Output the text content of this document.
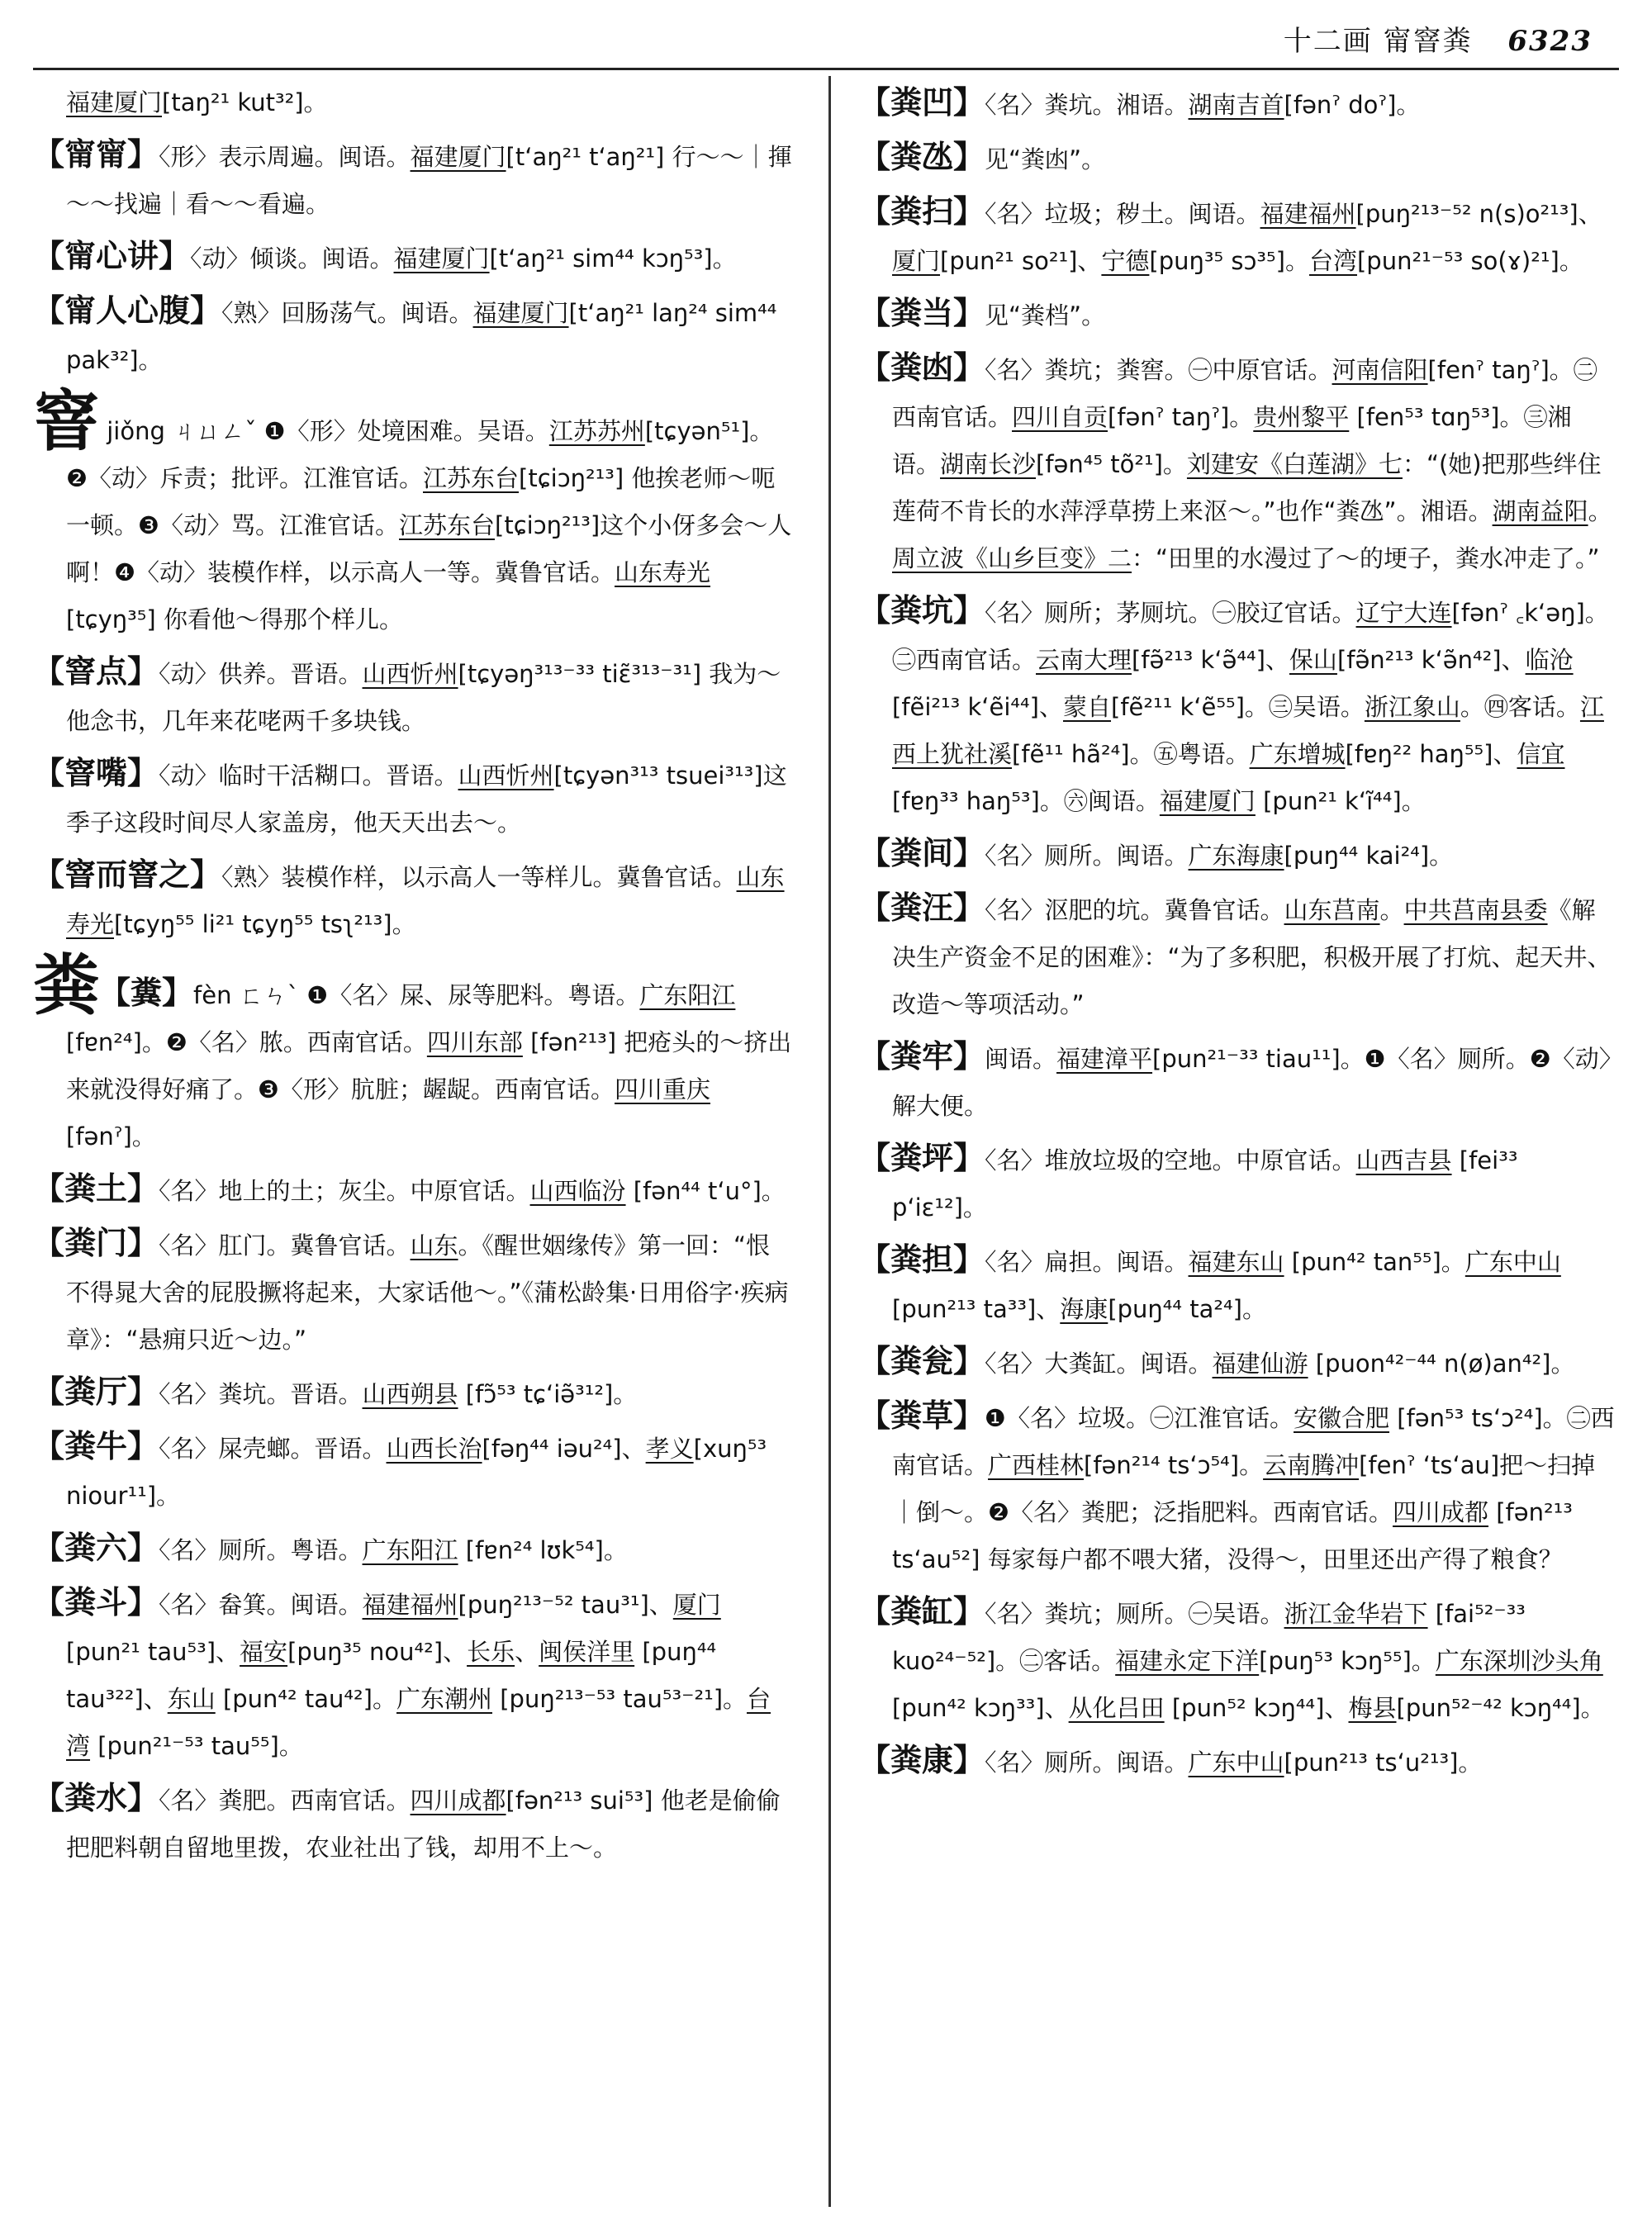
十二画 甯窨粪 6323

福建厦门[taŋ²¹ kut³²]。

【甯甯】〈形〉表示周遍。闽语。福建厦门[tʻaŋ²¹ tʻaŋ²¹] 行～～｜揮～～找遍｜看～～看遍。

【甯心讲】〈动〉倾谈。闽语。福建厦门[tʻaŋ²¹ sim⁴⁴ kɔŋ⁵³]。

【甯人心腹】〈熟〉回肠荡气。闽语。福建厦门[tʻaŋ²¹ laŋ²⁴ sim⁴⁴ pak³²]。

窨 jiǒng ㄐㄩㄥˇ ❶〈形〉处境困难。吴语。江苏苏州[tɕyən⁵¹]。❷〈动〉斥责；批评。江淮官话。江苏东台[tɕiɔŋ²¹³] 他挨老师～呃一顿。❸〈动〉骂。江淮官话。江苏东台[tɕiɔŋ²¹³]这个小伢多会～人啊！❹〈动〉装模作样，以示高人一等。冀鲁官话。山东寿光[tɕyŋ³⁵] 你看他～得那个样儿。

【窨点】〈动〉供养。晋语。山西忻州[tɕyəŋ³¹³⁻³³ tiɛ̃³¹³⁻³¹] 我为～他念书，几年来花咾两千多块钱。

【窨嘴】〈动〉临时干活糊口。晋语。山西忻州[tɕyən³¹³ tsuei³¹³]这季子这段时间尽人家盖房，他天天出去～。

【窨而窨之】〈熟〉装模作样，以示高人一等样儿。冀鲁官话。山东寿光[tɕyŋ⁵⁵ li²¹ tɕyŋ⁵⁵ tsʅ²¹³]。

粪【糞】fèn ㄈㄣˋ ❶〈名〉屎、尿等肥料。粤语。广东阳江[fɐn²⁴]。❷〈名〉脓。西南官话。四川东部 [fən²¹³] 把疮头的～挤出来就没得好痛了。❸〈形〉肮脏；龌龊。西南官话。四川重庆 [fənˀ]。

【粪土】〈名〉地上的土；灰尘。中原官话。山西临汾 [fən⁴⁴ tʻu°]。

【粪门】〈名〉肛门。冀鲁官话。山东。《醒世姻缘传》第一回：“恨不得晁大舍的屁股撅将起来，大家话他～。”《蒲松龄集·日用俗字·疾病章》：“悬痈只近～边。”

【粪厅】〈名〉粪坑。晋语。山西朔县 [fɔ̃⁵³ tɕʻiə̃³¹²]。

【粪牛】〈名〉屎壳螂。晋语。山西长治[fəŋ⁴⁴ iəu²⁴]、孝义[xuŋ⁵³ niour¹¹]。

【粪六】〈名〉厕所。粤语。广东阳江 [fɐn²⁴ lʊk⁵⁴]。

【粪斗】〈名〉畚箕。闽语。福建福州[puŋ²¹³⁻⁵² tau³¹]、厦门[pun²¹ tau⁵³]、福安[puŋ³⁵ nou⁴²]、长乐、闽侯洋里 [puŋ⁴⁴ tau³²²]、东山 [pun⁴² tau⁴²]。广东潮州 [puŋ²¹³⁻⁵³ tau⁵³⁻²¹]。台湾 [pun²¹⁻⁵³ tau⁵⁵]。

【粪水】〈名〉粪肥。西南官话。四川成都[fən²¹³ sui⁵³] 他老是偷偷把肥料朝自留地里拨，农业社出了钱，却用不上～。

【粪凹】〈名〉粪坑。湘语。湖南吉首[fənˀ doˀ]。

【粪氹】见“粪凼”。

【粪扫】〈名〉垃圾；秽土。闽语。福建福州[puŋ²¹³⁻⁵² n(s)o²¹³]、厦门[pun²¹ so²¹]、宁德[puŋ³⁵ sɔ³⁵]。台湾[pun²¹⁻⁵³ so(ɤ)²¹]。

【粪当】见“粪档”。

【粪凼】〈名〉粪坑；粪窖。㊀中原官话。河南信阳[fenˀ taŋˀ]。㊁西南官话。四川自贡[fənˀ taŋˀ]。贵州黎平 [fen⁵³ tɑŋ⁵³]。㊂湘语。湖南长沙[fən⁴⁵ tõ²¹]。刘建安《白莲湖》七：“(她)把那些绊住莲荷不肯长的水萍浮草捞上来沤～。”也作“粪氹”。湘语。湖南益阳。周立波《山乡巨变》二：“田里的水漫过了～的埂子，粪水冲走了。”

【粪坑】〈名〉厕所；茅厕坑。㊀胶辽官话。辽宁大连[fənˀ ꜀kʻəŋ]。㊁西南官话。云南大理[fə̃²¹³ kʻə̃⁴⁴]、保山[fə̃n²¹³ kʻə̃n⁴²]、临沧[fẽi²¹³ kʻẽi⁴⁴]、蒙自[fẽ²¹¹ kʻẽ⁵⁵]。㊂吴语。浙江象山。㊃客话。江西上犹社溪[fẽ¹¹ hã²⁴]。㊄粤语。广东增城[fɐŋ²² haŋ⁵⁵]、信宜 [fɐŋ³³ haŋ⁵³]。㊅闽语。福建厦门 [pun²¹ kʻĩ⁴⁴]。

【粪间】〈名〉厕所。闽语。广东海康[puŋ⁴⁴ kai²⁴]。

【粪汪】〈名〉沤肥的坑。冀鲁官话。山东莒南。中共莒南县委《解决生产资金不足的困难》：“为了多积肥，积极开展了打炕、起天井、改造～等项活动。”

【粪牢】闽语。福建漳平[pun²¹⁻³³ tiau¹¹]。❶〈名〉厕所。❷〈动〉解大便。

【粪坪】〈名〉堆放垃圾的空地。中原官话。山西吉县 [fei³³ pʻiɛ¹²]。

【粪担】〈名〉扁担。闽语。福建东山 [pun⁴² tan⁵⁵]。广东中山[pun²¹³ ta³³]、海康[puŋ⁴⁴ ta²⁴]。

【粪瓮】〈名〉大粪缸。闽语。福建仙游 [puon⁴²⁻⁴⁴ n(ø)an⁴²]。

【粪草】❶〈名〉垃圾。㊀江淮官话。安徽合肥 [fən⁵³ tsʻɔ²⁴]。㊁西南官话。广西桂林[fən²¹⁴ tsʻɔ⁵⁴]。云南腾冲[fenˀ ʻtsʻau]把～扫掉｜倒～。❷〈名〉粪肥；泛指肥料。西南官话。四川成都 [fən²¹³ tsʻau⁵²] 每家每户都不喂大猪，没得～，田里还出产得了粮食？

【粪缸】〈名〉粪坑；厕所。㊀吴语。浙江金华岩下 [fai⁵²⁻³³ kuo²⁴⁻⁵²]。㊁客话。福建永定下洋[puŋ⁵³ kɔŋ⁵⁵]。广东深圳沙头角[pun⁴² kɔŋ³³]、从化吕田 [pun⁵² kɔŋ⁴⁴]、梅县[pun⁵²⁻⁴² kɔŋ⁴⁴]。

【粪康】〈名〉厕所。闽语。广东中山[pun²¹³ tsʻu²¹³]。
